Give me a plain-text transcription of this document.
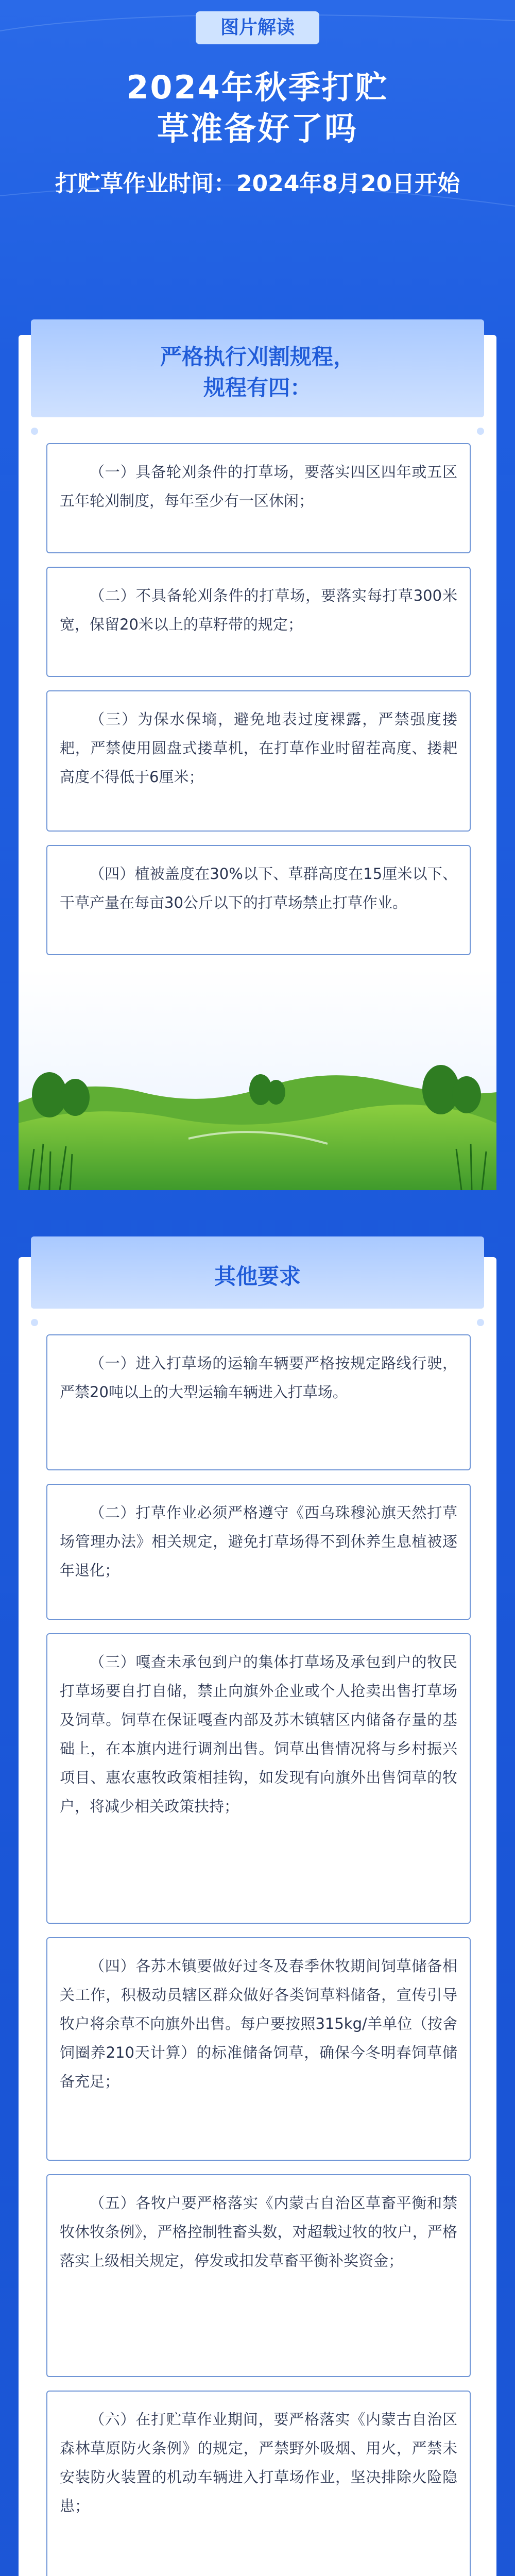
图片解读
2024年秋季打贮
草准备好了吗
打贮草作业时间：2024年8月20日开始
严格执行刈割规程，
规程有四：

（一）具备轮刈条件的打草场，要落实四区四年或五区五年轮刈制度，每年至少有一区休闲；

（二）不具备轮刈条件的打草场，要落实每打草300米宽，保留20米以上的草籽带的规定；

（三）为保水保墒，避免地表过度裸露，严禁强度搂耙，严禁使用圆盘式搂草机，在打草作业时留茬高度、搂耙高度不得低于6厘米；

（四）植被盖度在30%以下、草群高度在15厘米以下、干草产量在每亩30公斤以下的打草场禁止打草作业。

其他要求

（一）进入打草场的运输车辆要严格按规定路线行驶，严禁20吨以上的大型运输车辆进入打草场。

（二）打草作业必须严格遵守《西乌珠穆沁旗天然打草场管理办法》相关规定，避免打草场得不到休养生息植被逐年退化；

（三）嘎查未承包到户的集体打草场及承包到户的牧民打草场要自打自储，禁止向旗外企业或个人抢卖出售打草场及饲草。饲草在保证嘎查内部及苏木镇辖区内储备存量的基础上，在本旗内进行调剂出售。饲草出售情况将与乡村振兴项目、惠农惠牧政策相挂钩，如发现有向旗外出售饲草的牧户，将减少相关政策扶持；

（四）各苏木镇要做好过冬及春季休牧期间饲草储备相关工作，积极动员辖区群众做好各类饲草料储备，宣传引导牧户将余草不向旗外出售。每户要按照315kg/羊单位（按舍饲圈养210天计算）的标准储备饲草，确保今冬明春饲草储备充足；

（五）各牧户要严格落实《内蒙古自治区草畜平衡和禁牧休牧条例》，严格控制牲畜头数，对超载过牧的牧户，严格落实上级相关规定，停发或扣发草畜平衡补奖资金；

（六）在打贮草作业期间，要严格落实《内蒙古自治区森林草原防火条例》的规定，严禁野外吸烟、用火，严禁未安装防火装置的机动车辆进入打草场作业，坚决排除火险隐患；
